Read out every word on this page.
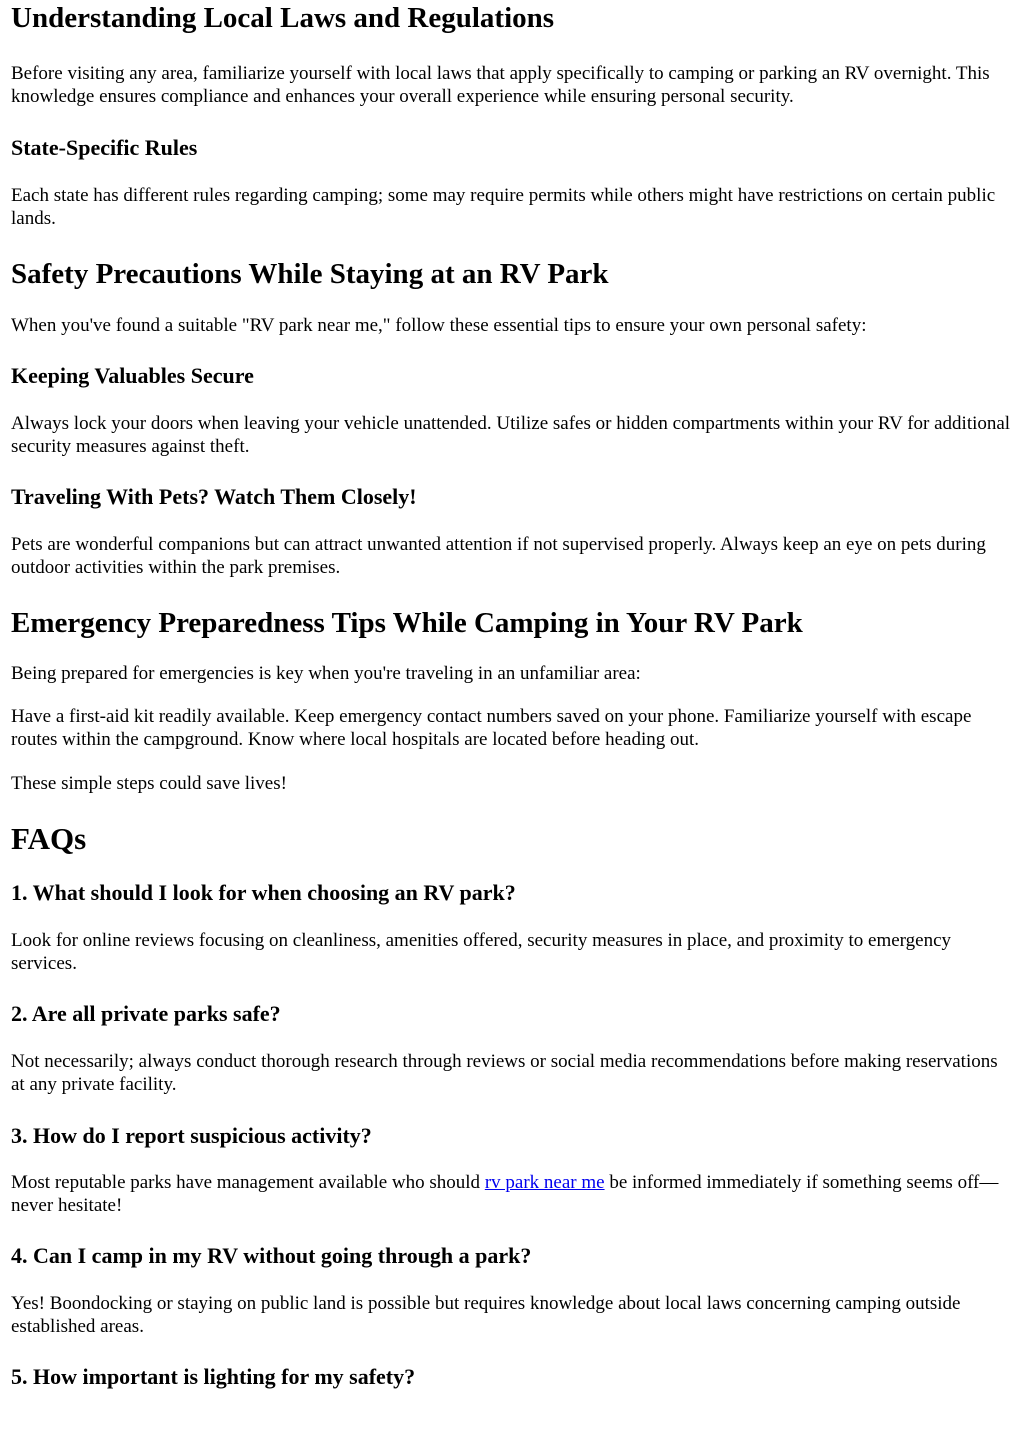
Understanding Local Laws and Regulations

Before visiting any area, familiarize yourself with local laws that apply specifically to camping or parking an RV overnight. This knowledge ensures compliance and enhances your overall experience while ensuring personal security.

State-Specific Rules

Each state has different rules regarding camping; some may require permits while others might have restrictions on certain public lands.

Safety Precautions While Staying at an RV Park

When you've found a suitable "RV park near me," follow these essential tips to ensure your own personal safety:

Keeping Valuables Secure

Always lock your doors when leaving your vehicle unattended. Utilize safes or hidden compartments within your RV for additional security measures against theft.

Traveling With Pets? Watch Them Closely!

Pets are wonderful companions but can attract unwanted attention if not supervised properly. Always keep an eye on pets during outdoor activities within the park premises.

Emergency Preparedness Tips While Camping in Your RV Park

Being prepared for emergencies is key when you're traveling in an unfamiliar area:

Have a first-aid kit readily available. Keep emergency contact numbers saved on your phone. Familiarize yourself with escape routes within the campground. Know where local hospitals are located before heading out.

These simple steps could save lives!

FAQs
1. What should I look for when choosing an RV park?

Look for online reviews focusing on cleanliness, amenities offered, security measures in place, and proximity to emergency services.

2. Are all private parks safe?

Not necessarily; always conduct thorough research through reviews or social media recommendations before making reservations at any private facility.

3. How do I report suspicious activity?

Most reputable parks have management available who should rv park near me be informed immediately if something seems off—never hesitate!

4. Can I camp in my RV without going through a park?

Yes! Boondocking or staying on public land is possible but requires knowledge about local laws concerning camping outside established areas.

5. How important is lighting for my safety?
